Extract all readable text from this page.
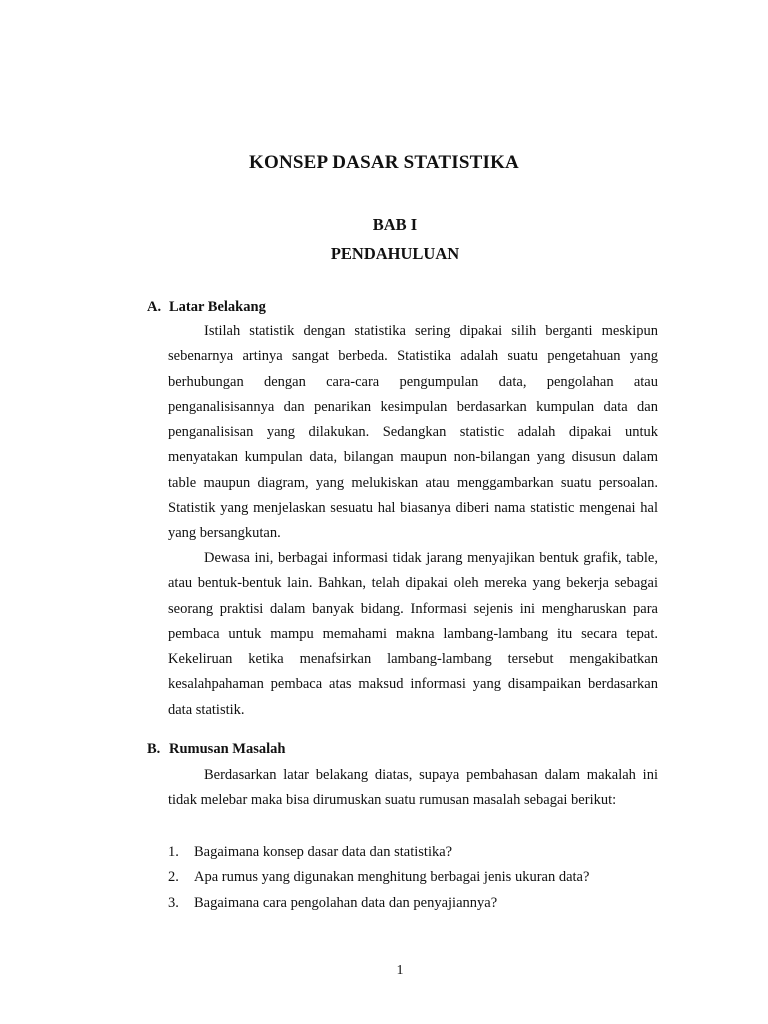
KONSEP DASAR STATISTIKA
BAB I
PENDAHULUAN
A. Latar Belakang

Istilah statistik dengan statistika sering dipakai silih berganti meskipun sebenarnya artinya sangat berbeda. Statistika adalah suatu pengetahuan yang berhubungan dengan cara-cara pengumpulan data, pengolahan atau penganalisisannya dan penarikan kesimpulan berdasarkan kumpulan data dan penganalisisan yang dilakukan. Sedangkan statistic adalah dipakai untuk menyatakan kumpulan data, bilangan maupun non-bilangan yang disusun dalam table maupun diagram, yang melukiskan atau menggambarkan suatu persoalan. Statistik yang menjelaskan sesuatu hal biasanya diberi nama statistic mengenai hal yang bersangkutan.

Dewasa ini, berbagai informasi tidak jarang menyajikan bentuk grafik, table, atau bentuk-bentuk lain. Bahkan, telah dipakai oleh mereka yang bekerja sebagai seorang praktisi dalam banyak bidang. Informasi sejenis ini mengharuskan para pembaca untuk mampu memahami makna lambang-lambang itu secara tepat. Kekeliruan ketika menafsirkan lambang-lambang tersebut mengakibatkan kesalahpahaman pembaca atas maksud informasi yang disampaikan berdasarkan data statistik.

B. Rumusan Masalah

Berdasarkan latar belakang diatas, supaya pembahasan dalam makalah ini tidak melebar maka bisa dirumuskan suatu rumusan masalah sebagai berikut:

1. Bagaimana konsep dasar data dan statistika?
2. Apa rumus yang digunakan menghitung berbagai jenis ukuran data?
3. Bagaimana cara pengolahan data dan penyajiannya?
1
